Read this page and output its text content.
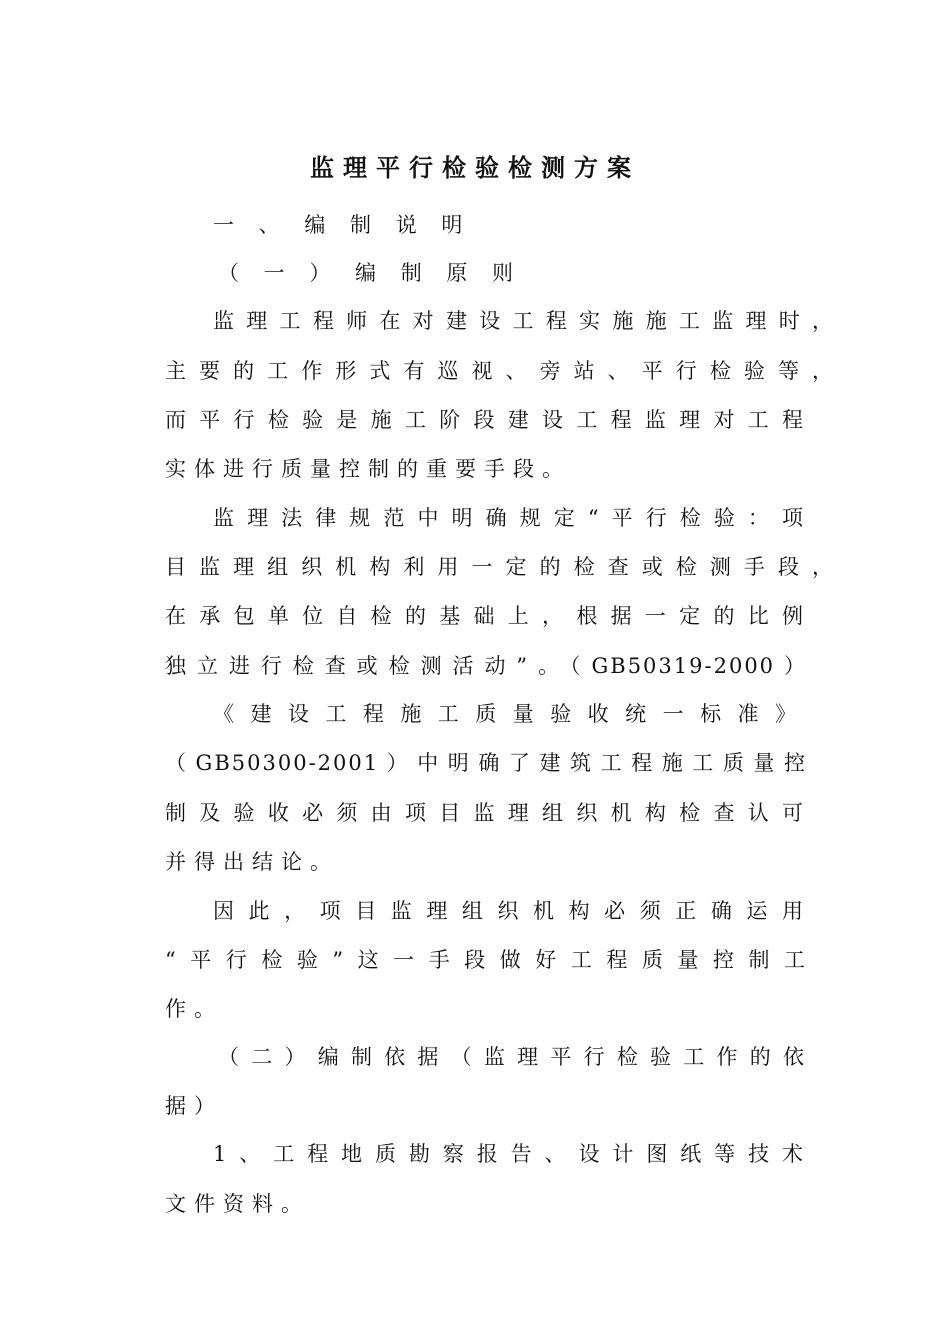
监理平行检验检测方案
一 、 编 制 说 明
（ 一 ） 编 制 原 则
监理工程师在对建设工程实施施工监理时，
主要的工作形式有巡视、旁站、平行检验等，
而平行检验是施工阶段建设工程监理对工程
实体进行质量控制的重要手段。
监理法律规范中明确规定“平行检验：项
目监理组织机构利用一定的检查或检测手段，
在承包单位自检的基础上，根据一定的比例
独立进行检查或检测活动”。（GB50319-2000）
《建设工程施工质量验收统一标准》
（GB50300-2001）中明确了建筑工程施工质量控
制及验收必须由项目监理组织机构检查认可
并得出结论。
因此，项目监理组织机构必须正确运用
“平行检验”这一手段做好工程质量控制工
作。
（二）编制依据（监理平行检验工作的依
据）
1、工程地质勘察报告、设计图纸等技术
文件资料。
